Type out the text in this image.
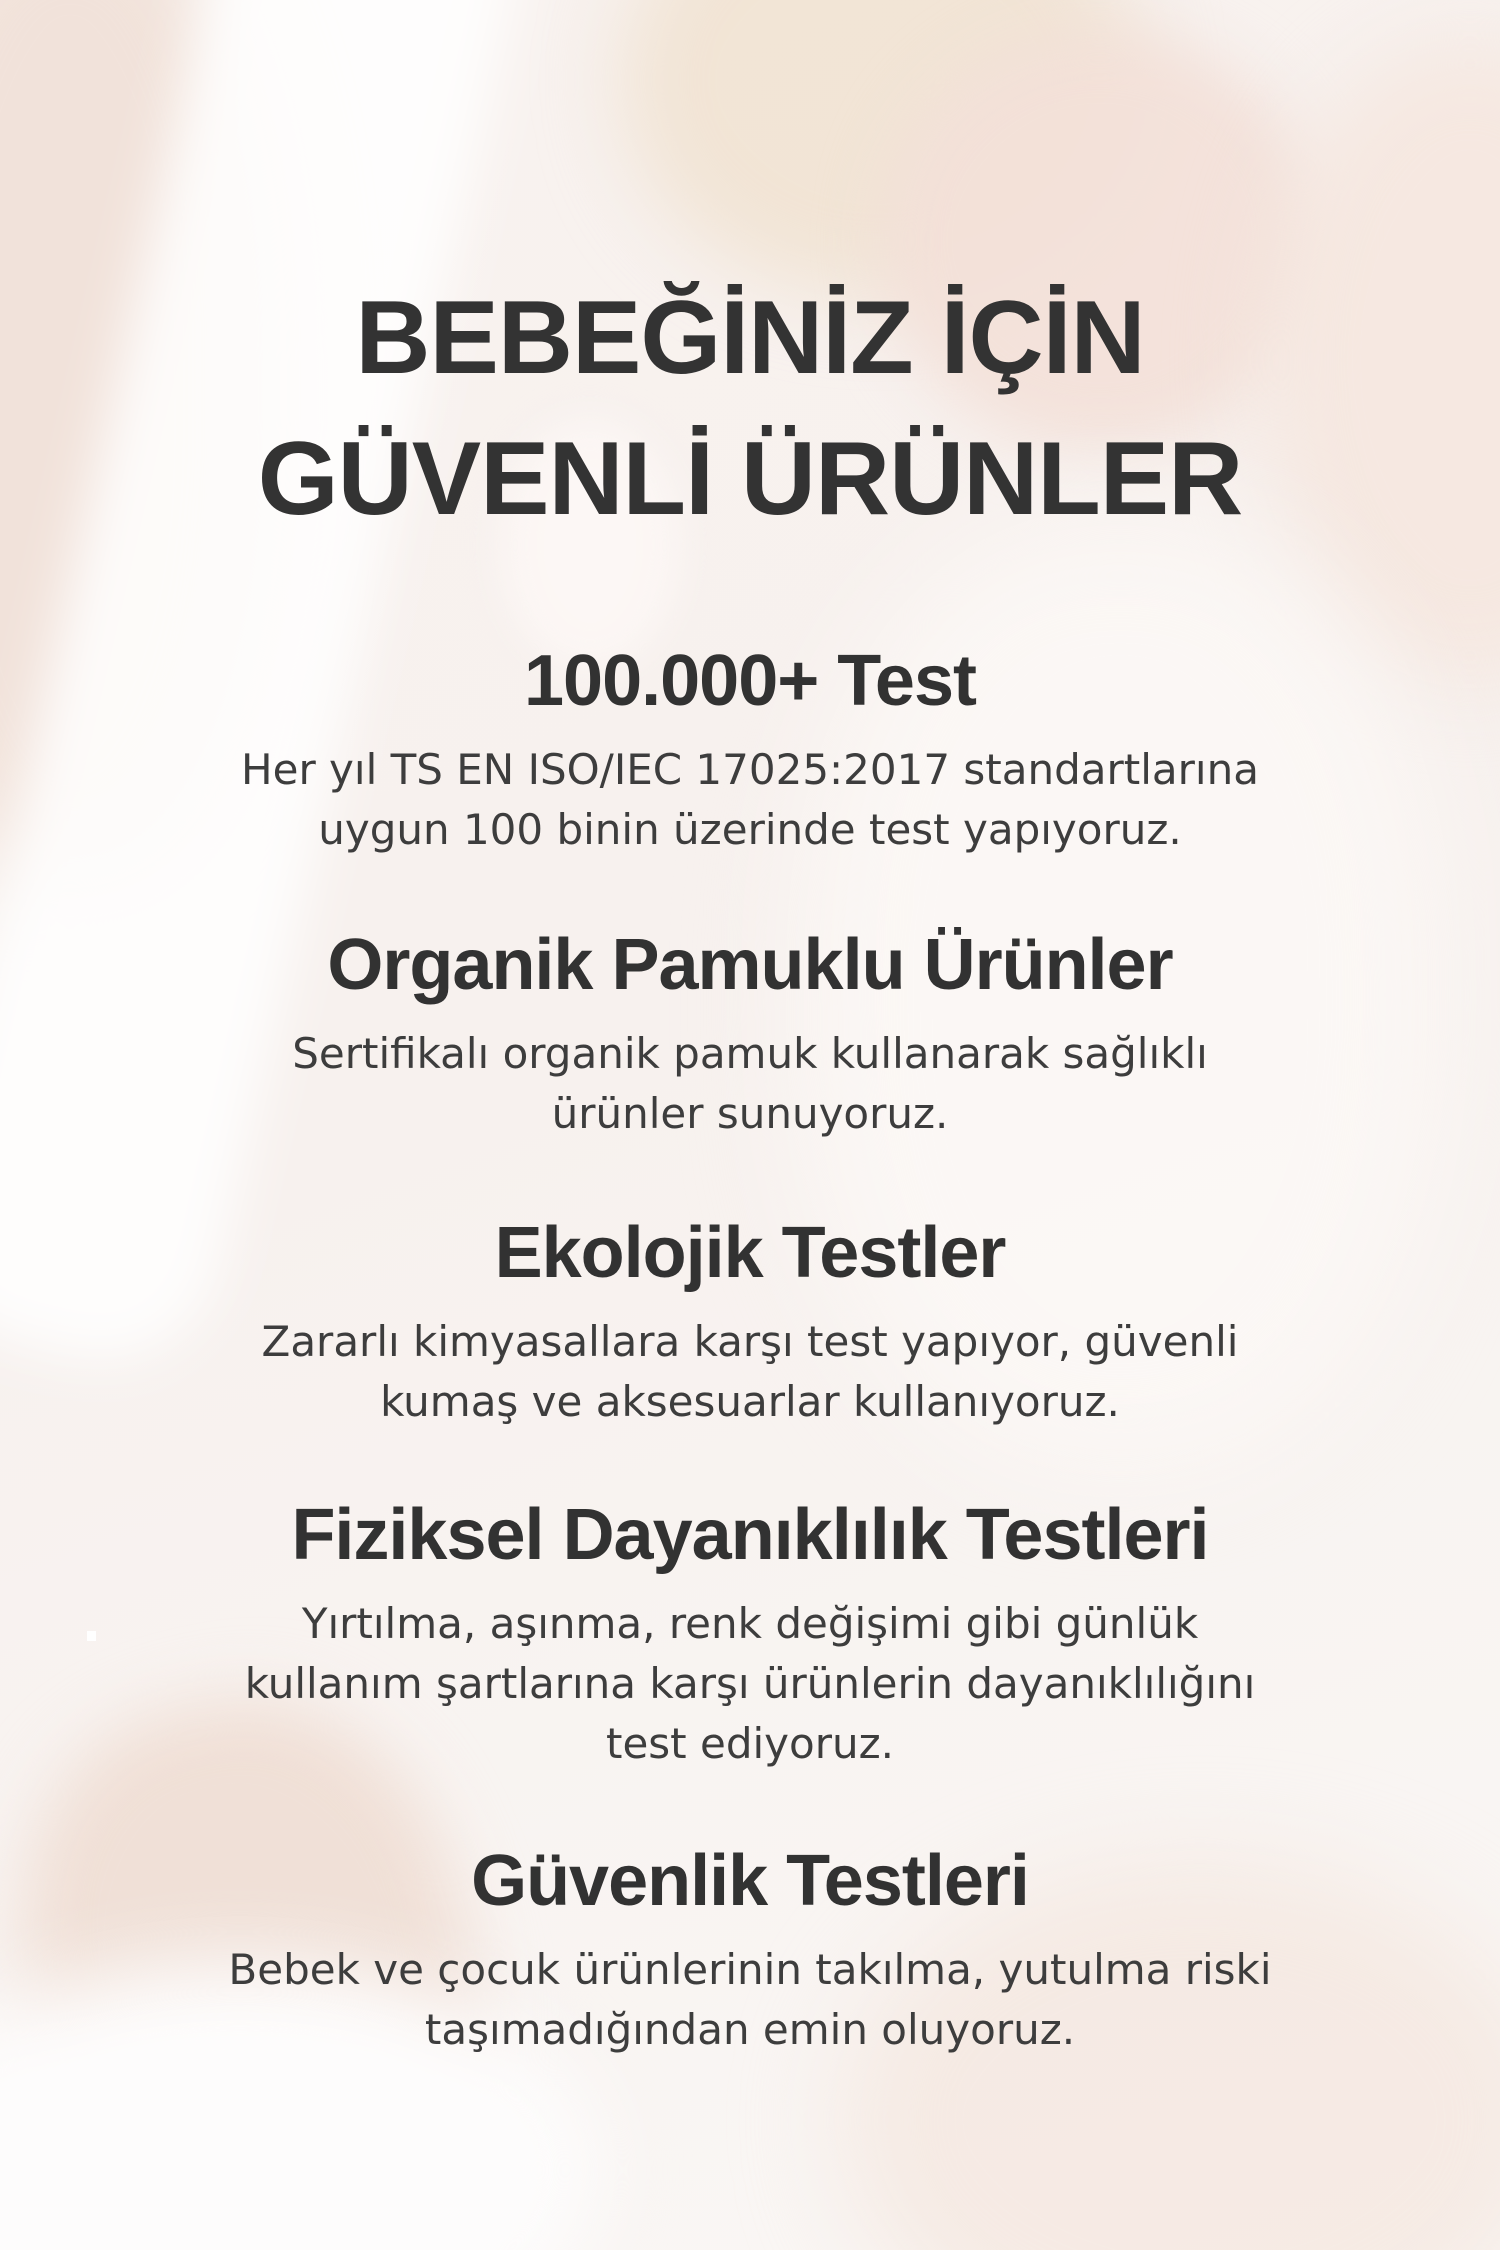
BEBEĞİNİZ İÇİN
GÜVENLİ ÜRÜNLER
100.000+ Test

Her yıl TS EN ISO/IEC 17025:2017 standartlarına

uygun 100 binin üzerinde test yapıyoruz.

Organik Pamuklu Ürünler

Sertifikalı organik pamuk kullanarak sağlıklı

ürünler sunuyoruz.

Ekolojik Testler

Zararlı kimyasallara karşı test yapıyor, güvenli

kumaş ve aksesuarlar kullanıyoruz.

Fiziksel Dayanıklılık Testleri

Yırtılma, aşınma, renk değişimi gibi günlük

kullanım şartlarına karşı ürünlerin dayanıklılığını

test ediyoruz.

Güvenlik Testleri

Bebek ve çocuk ürünlerinin takılma, yutulma riski

taşımadığından emin oluyoruz.
